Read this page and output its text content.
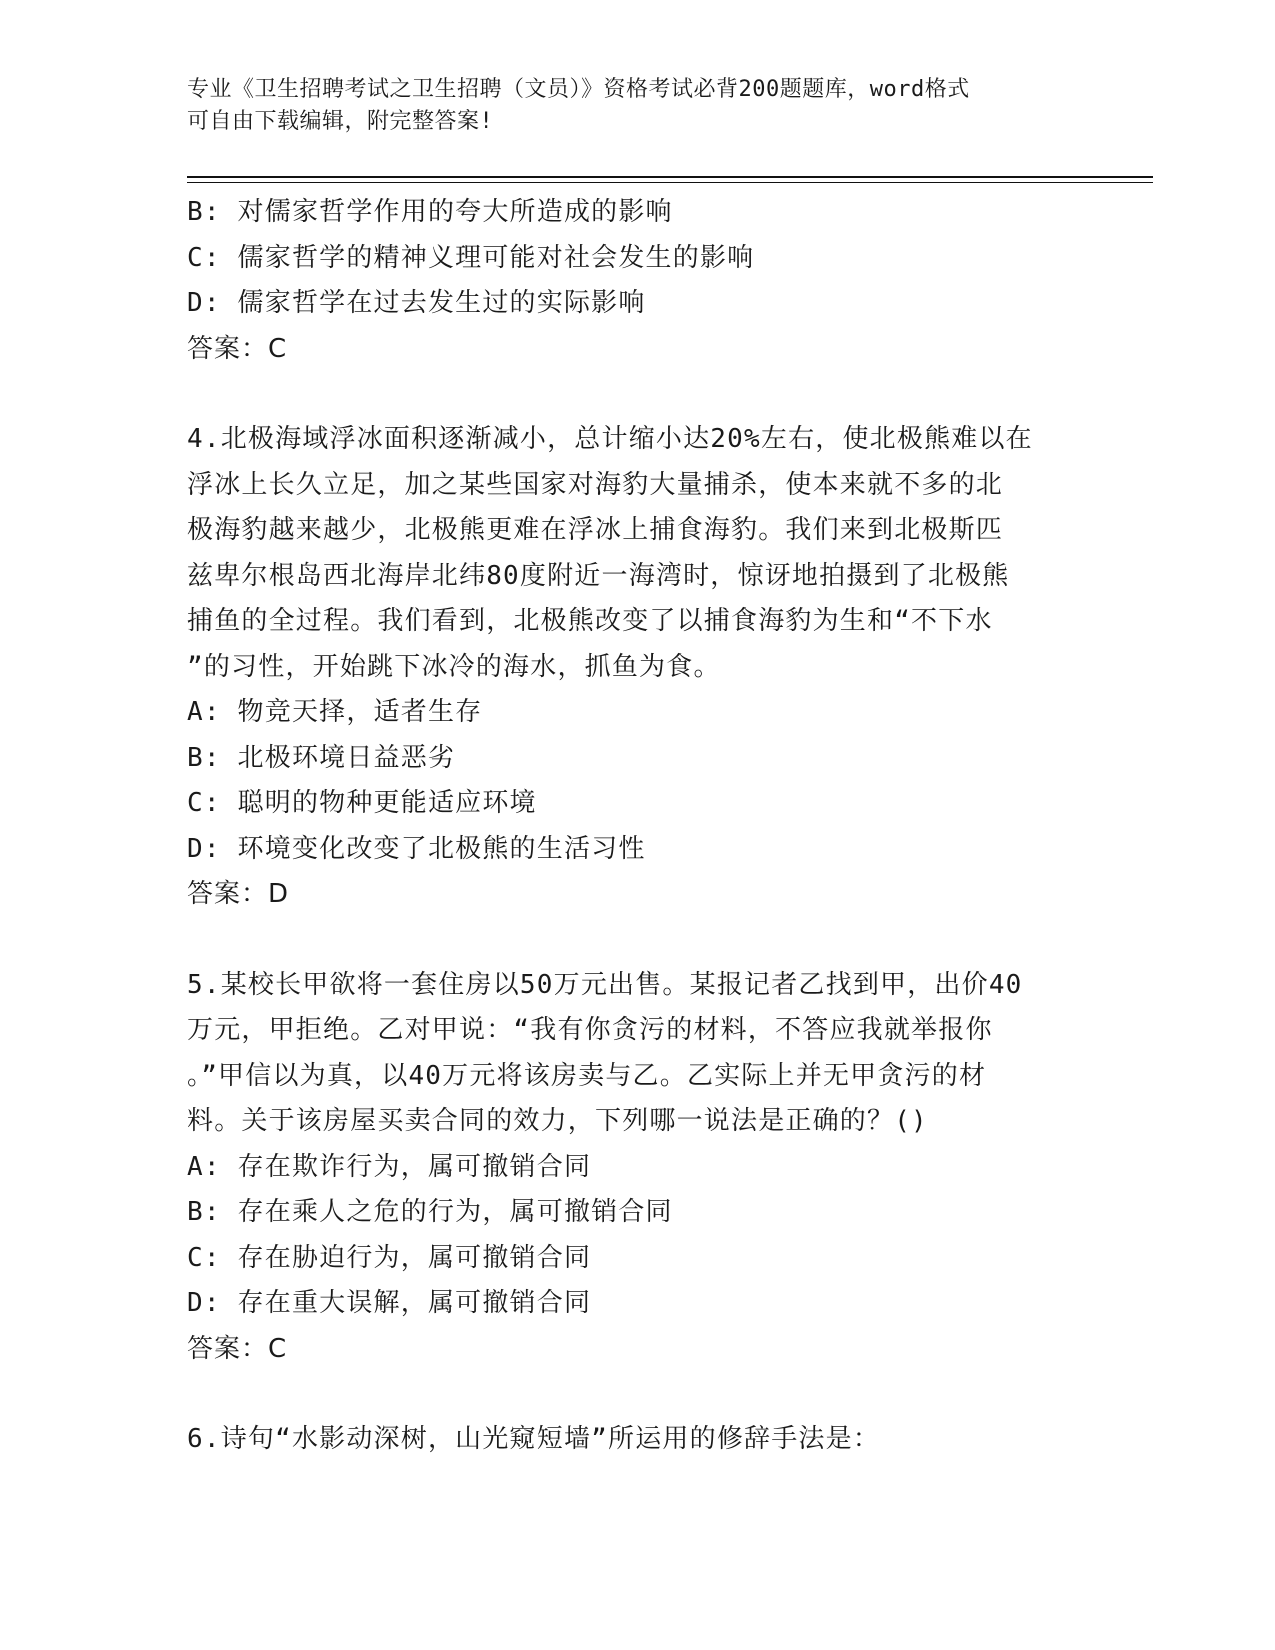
专业《卫生招聘考试之卫生招聘（文员）》资格考试必背200题题库，word格式
可自由下载编辑，附完整答案!
B: 对儒家哲学作用的夸大所造成的影响
C: 儒家哲学的精神义理可能对社会发生的影响
D: 儒家哲学在过去发生过的实际影响
答案：C
4.北极海域浮冰面积逐渐减小，总计缩小达20%左右，使北极熊难以在
浮冰上长久立足，加之某些国家对海豹大量捕杀，使本来就不多的北
极海豹越来越少，北极熊更难在浮冰上捕食海豹。我们来到北极斯匹
兹卑尔根岛西北海岸北纬80度附近一海湾时，惊讶地拍摄到了北极熊
捕鱼的全过程。我们看到，北极熊改变了以捕食海豹为生和“不下水
”的习性，开始跳下冰冷的海水，抓鱼为食。
A: 物竞天择，适者生存
B: 北极环境日益恶劣
C: 聪明的物种更能适应环境
D: 环境变化改变了北极熊的生活习性
答案：D
5.某校长甲欲将一套住房以50万元出售。某报记者乙找到甲，出价40
万元，甲拒绝。乙对甲说：“我有你贪污的材料，不答应我就举报你
。”甲信以为真，以40万元将该房卖与乙。乙实际上并无甲贪污的材
料。关于该房屋买卖合同的效力，下列哪一说法是正确的？()
A: 存在欺诈行为，属可撤销合同
B: 存在乘人之危的行为，属可撤销合同
C: 存在胁迫行为，属可撤销合同
D: 存在重大误解，属可撤销合同
答案：C
6.诗句“水影动深树，山光窥短墙”所运用的修辞手法是：
